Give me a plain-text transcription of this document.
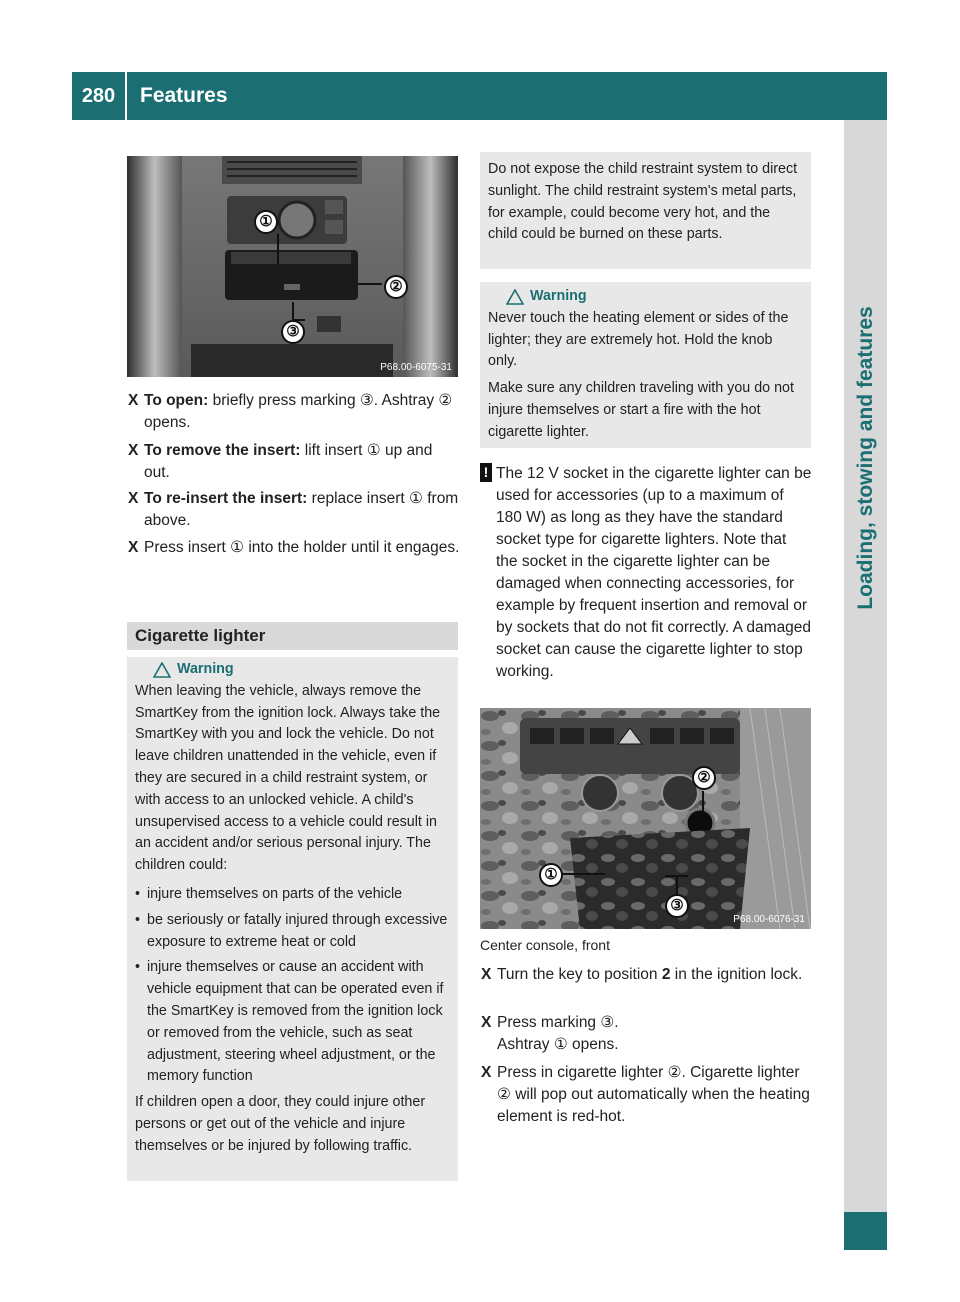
280	Features
Loading, stowing and features
①
②
③
P68.00-6075-31
X To open: briefly press marking ③. Ashtray ② opens.
X To remove the insert: lift insert ① up and out.
X To re-insert the insert: replace insert ① from above.
X Press insert ① into the holder until it engages.
Cigarette lighter
Warning

When leaving the vehicle, always remove the SmartKey from the ignition lock. Always take the SmartKey with you and lock the vehicle. Do not leave children unattended in the vehicle, even if they are secured in a child restraint system, or with access to an unlocked vehicle. A child's unsupervised access to a vehicle could result in an accident and/or serious personal injury. The children could:

• injure themselves on parts of the vehicle
• be seriously or fatally injured through excessive exposure to extreme heat or cold
• injure themselves or cause an accident with vehicle equipment that can be operated even if the SmartKey is removed from the ignition lock or removed from the vehicle, such as seat adjustment, steering wheel adjustment, or the memory function

If children open a door, they could injure other persons or get out of the vehicle and injure themselves or be injured by following traffic.

Do not expose the child restraint system to direct sunlight. The child restraint system's metal parts, for example, could become very hot, and the child could be burned on these parts.

Warning

Never touch the heating element or sides of the lighter; they are extremely hot. Hold the knob only.

Make sure any children traveling with you do not injure themselves or start a fire with the hot cigarette lighter.

! The 12 V socket in the cigarette lighter can be used for accessories (up to a maximum of 180 W) as long as they have the standard socket type for cigarette lighters. Note that the socket in the cigarette lighter can be damaged when connecting accessories, for example by frequent insertion and removal or by sockets that do not fit correctly. A damaged socket can cause the cigarette lighter to stop working.
①
②
③
P68.00-6076-31
Center console, front
X Turn the key to position 2 in the ignition lock.
X Press marking ③. Ashtray ① opens.
X Press in cigarette lighter ②. Cigarette lighter ② will pop out automatically when the heating element is red-hot.
